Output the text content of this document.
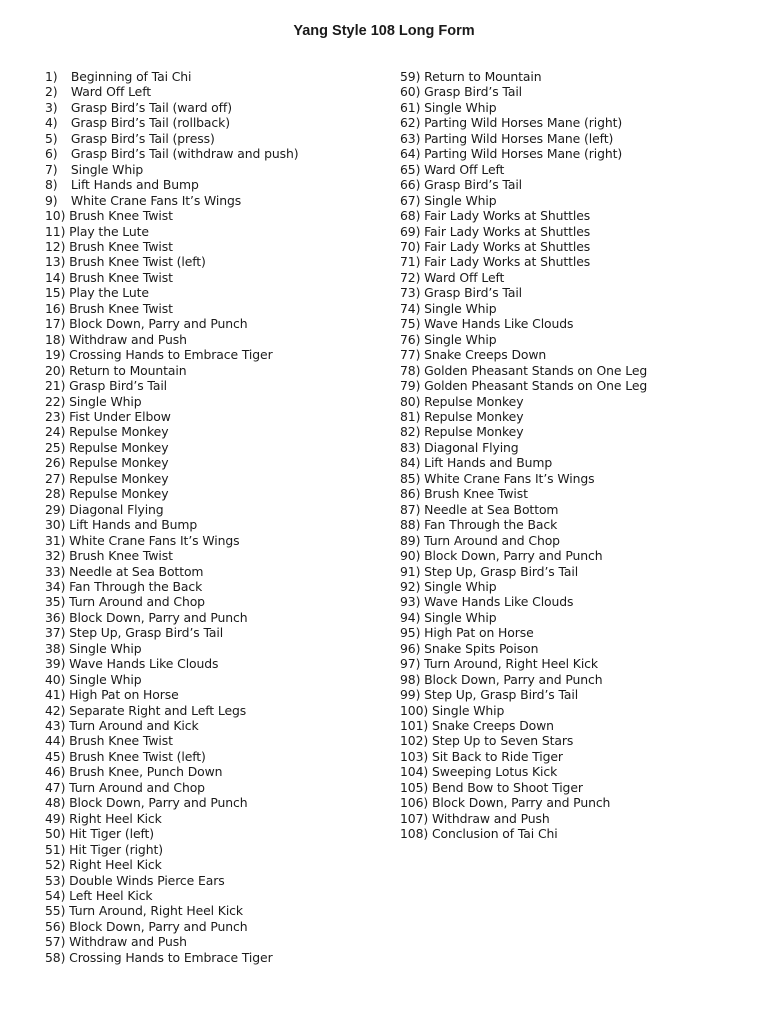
Yang Style 108 Long Form
1) Beginning of Tai Chi
2) Ward Off Left
3) Grasp Bird’s Tail (ward off)
4) Grasp Bird’s Tail (rollback)
5) Grasp Bird’s Tail (press)
6) Grasp Bird’s Tail (withdraw and push)
7) Single Whip
8) Lift Hands and Bump
9) White Crane Fans It’s Wings
10) Brush Knee Twist
11) Play the Lute
12) Brush Knee Twist
13) Brush Knee Twist (left)
14) Brush Knee Twist
15) Play the Lute
16) Brush Knee Twist
17) Block Down, Parry and Punch
18) Withdraw and Push
19) Crossing Hands to Embrace Tiger
20) Return to Mountain
21) Grasp Bird’s Tail
22) Single Whip
23) Fist Under Elbow
24) Repulse Monkey
25) Repulse Monkey
26) Repulse Monkey
27) Repulse Monkey
28) Repulse Monkey
29) Diagonal Flying
30) Lift Hands and Bump
31) White Crane Fans It’s Wings
32) Brush Knee Twist
33) Needle at Sea Bottom
34) Fan Through the Back
35) Turn Around and Chop
36) Block Down, Parry and Punch
37) Step Up, Grasp Bird’s Tail
38) Single Whip
39) Wave Hands Like Clouds
40) Single Whip
41) High Pat on Horse
42) Separate Right and Left Legs
43) Turn Around and Kick
44) Brush Knee Twist
45) Brush Knee Twist (left)
46) Brush Knee, Punch Down
47) Turn Around and Chop
48) Block Down, Parry and Punch
49) Right Heel Kick
50) Hit Tiger (left)
51) Hit Tiger (right)
52) Right Heel Kick
53) Double Winds Pierce Ears
54) Left Heel Kick
55) Turn Around, Right Heel Kick
56) Block Down, Parry and Punch
57) Withdraw and Push
58) Crossing Hands to Embrace Tiger
59) Return to Mountain
60) Grasp Bird’s Tail
61) Single Whip
62) Parting Wild Horses Mane (right)
63) Parting Wild Horses Mane (left)
64) Parting Wild Horses Mane (right)
65) Ward Off Left
66) Grasp Bird’s Tail
67) Single Whip
68) Fair Lady Works at Shuttles
69) Fair Lady Works at Shuttles
70) Fair Lady Works at Shuttles
71) Fair Lady Works at Shuttles
72) Ward Off Left
73) Grasp Bird’s Tail
74) Single Whip
75) Wave Hands Like Clouds
76) Single Whip
77) Snake Creeps Down
78) Golden Pheasant Stands on One Leg
79) Golden Pheasant Stands on One Leg
80) Repulse Monkey
81) Repulse Monkey
82) Repulse Monkey
83) Diagonal Flying
84) Lift Hands and Bump
85) White Crane Fans It’s Wings
86) Brush Knee Twist
87) Needle at Sea Bottom
88) Fan Through the Back
89) Turn Around and Chop
90) Block Down, Parry and Punch
91) Step Up, Grasp Bird’s Tail
92) Single Whip
93) Wave Hands Like Clouds
94) Single Whip
95) High Pat on Horse
96) Snake Spits Poison
97) Turn Around, Right Heel Kick
98) Block Down, Parry and Punch
99) Step Up, Grasp Bird’s Tail
100) Single Whip
101) Snake Creeps Down
102) Step Up to Seven Stars
103) Sit Back to Ride Tiger
104) Sweeping Lotus Kick
105) Bend Bow to Shoot Tiger
106) Block Down, Parry and Punch
107) Withdraw and Push
108) Conclusion of Tai Chi
